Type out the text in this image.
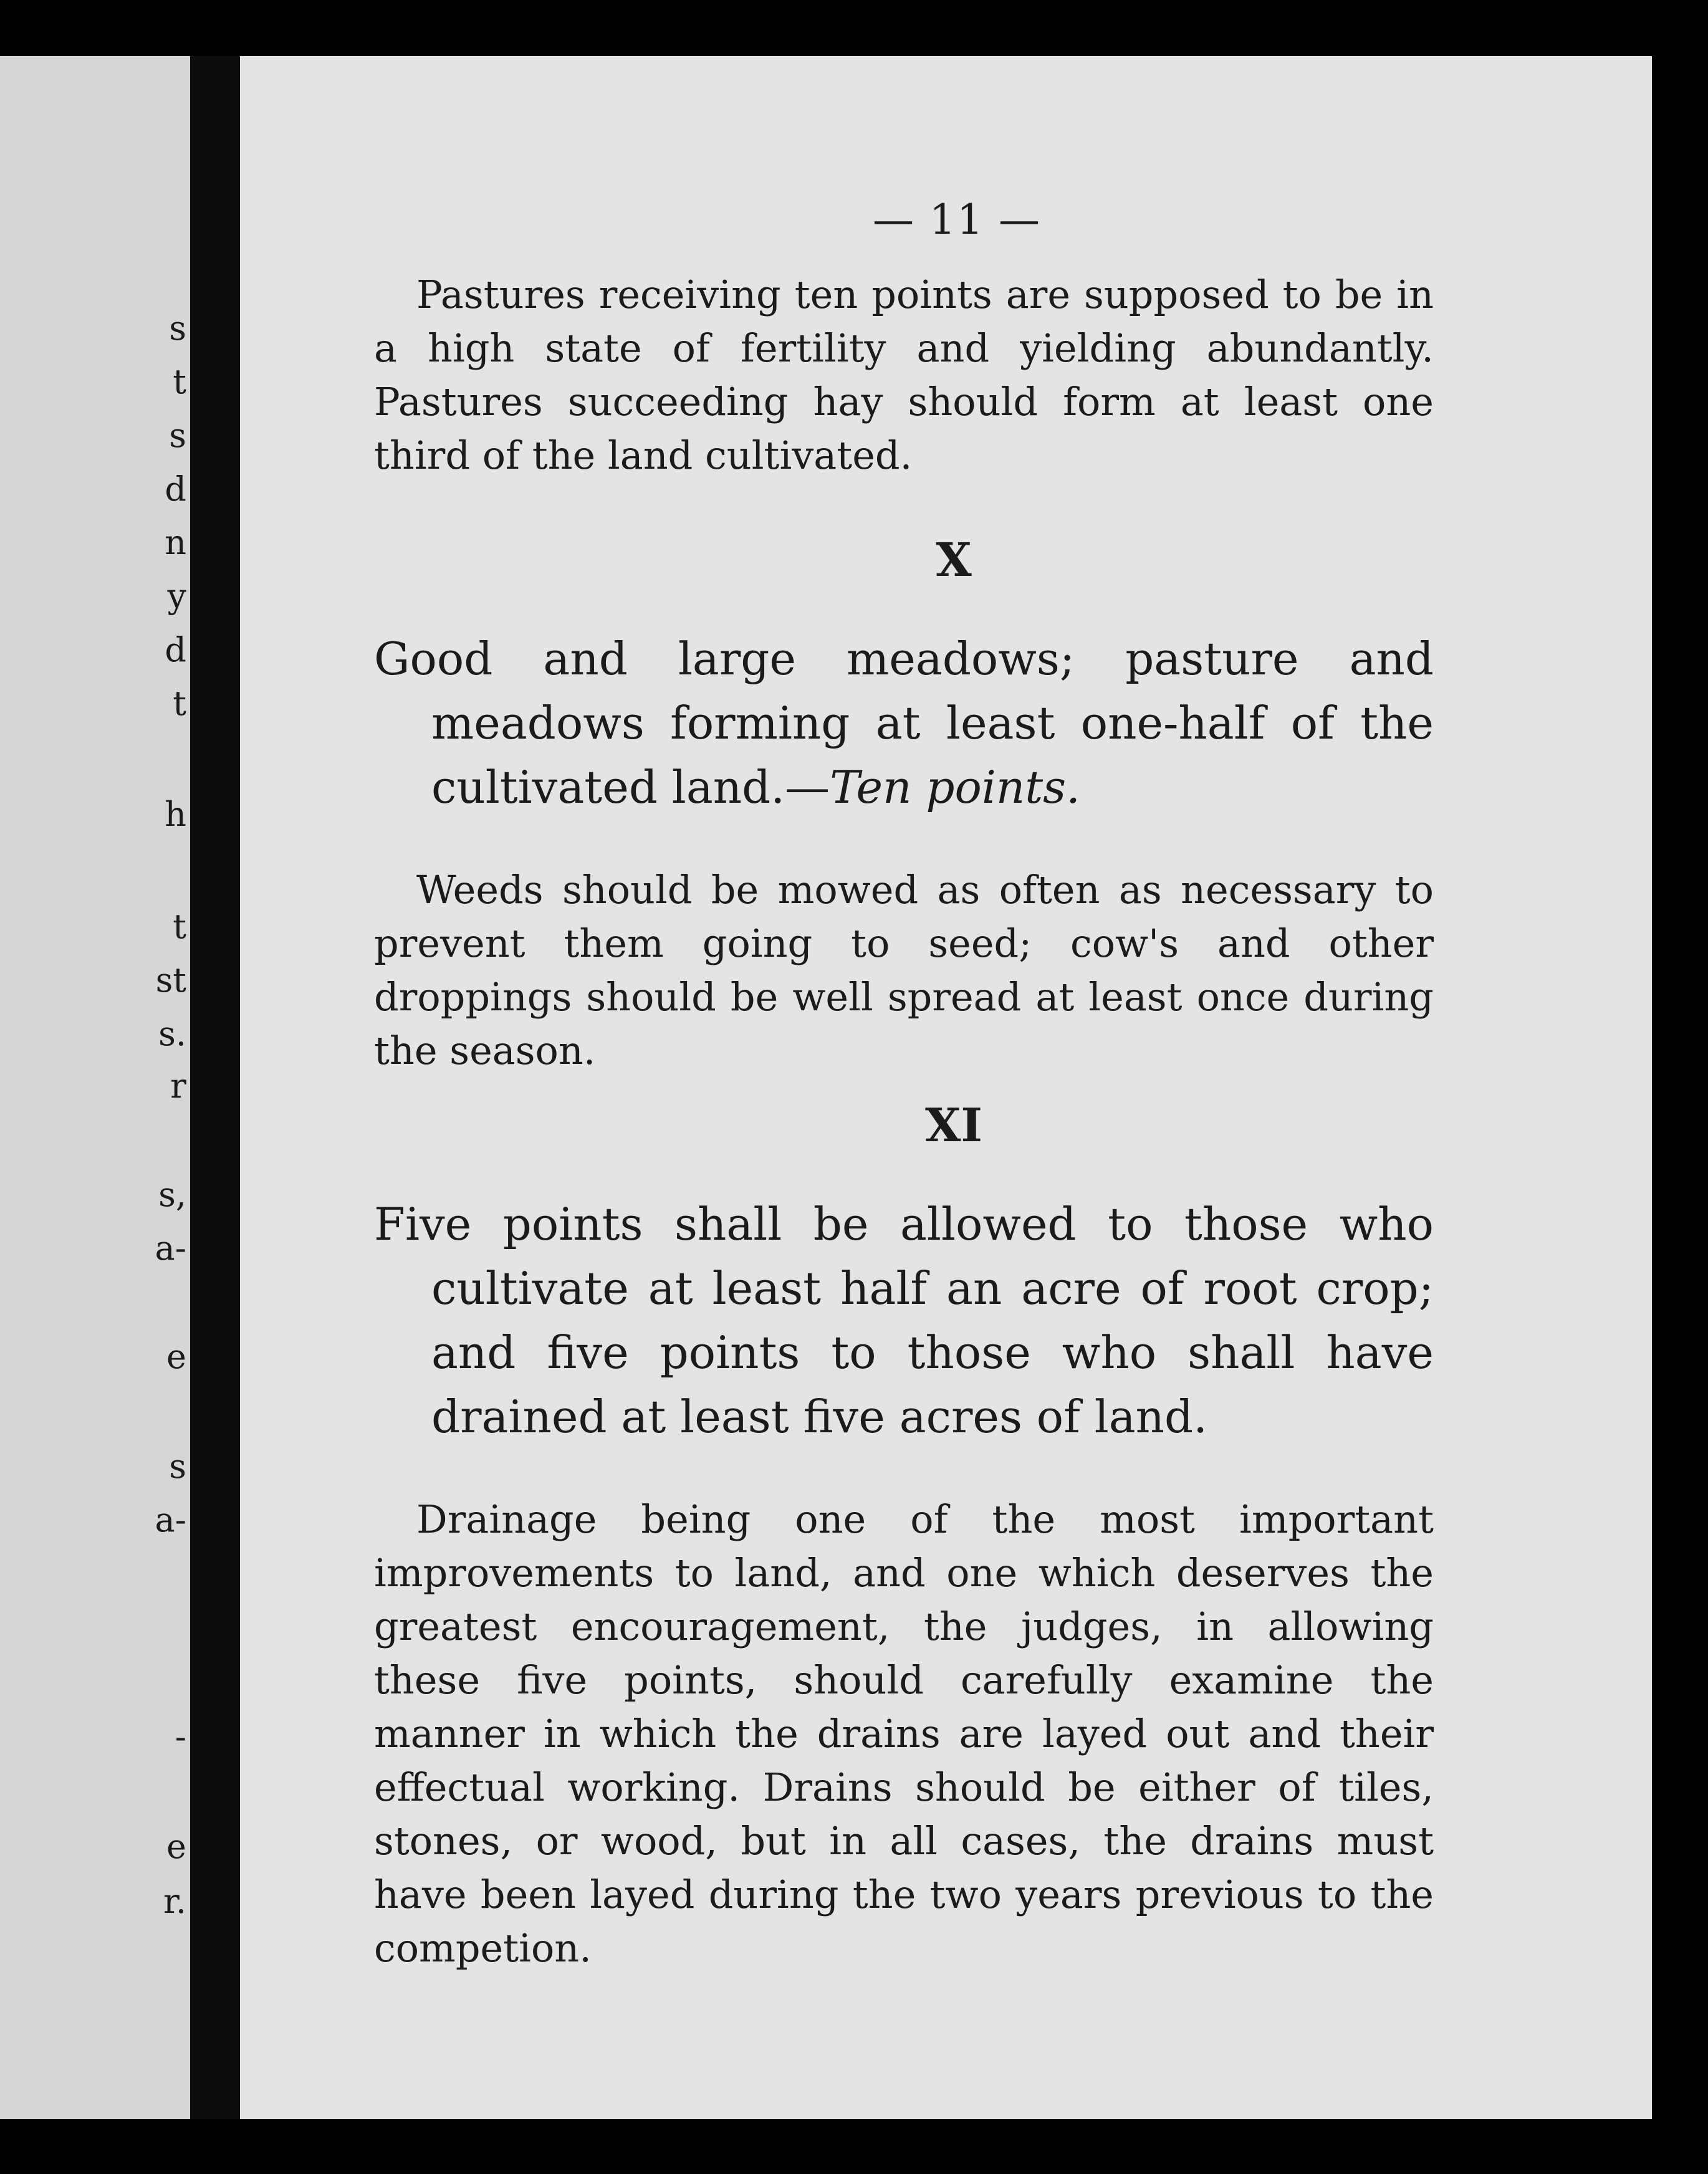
s
t
s
d
n
y
d
t
h
t
st
s.
r
s,
a-
e
s
a-
-
e
r.
— 11 —

Pastures receiving ten points are supposed to be in a high state of fertility and yielding abundantly. Pastures succeeding hay should form at least one third of the land cultivated.

X

Good and large meadows; pasture and meadows forming at least one-half of the cultivated land.—Ten points.

Weeds should be mowed as often as necessary to prevent them going to seed; cow's and other droppings should be well spread at least once during the season.

XI

Five points shall be allowed to those who cultivate at least half an acre of root crop; and five points to those who shall have drained at least five acres of land.

Drainage being one of the most important improvements to land, and one which deserves the greatest encouragement, the judges, in allowing these five points, should carefully examine the manner in which the drains are layed out and their effectual working. Drains should be either of tiles, stones, or wood, but in all cases, the drains must have been layed during the two years previous to the competion.
